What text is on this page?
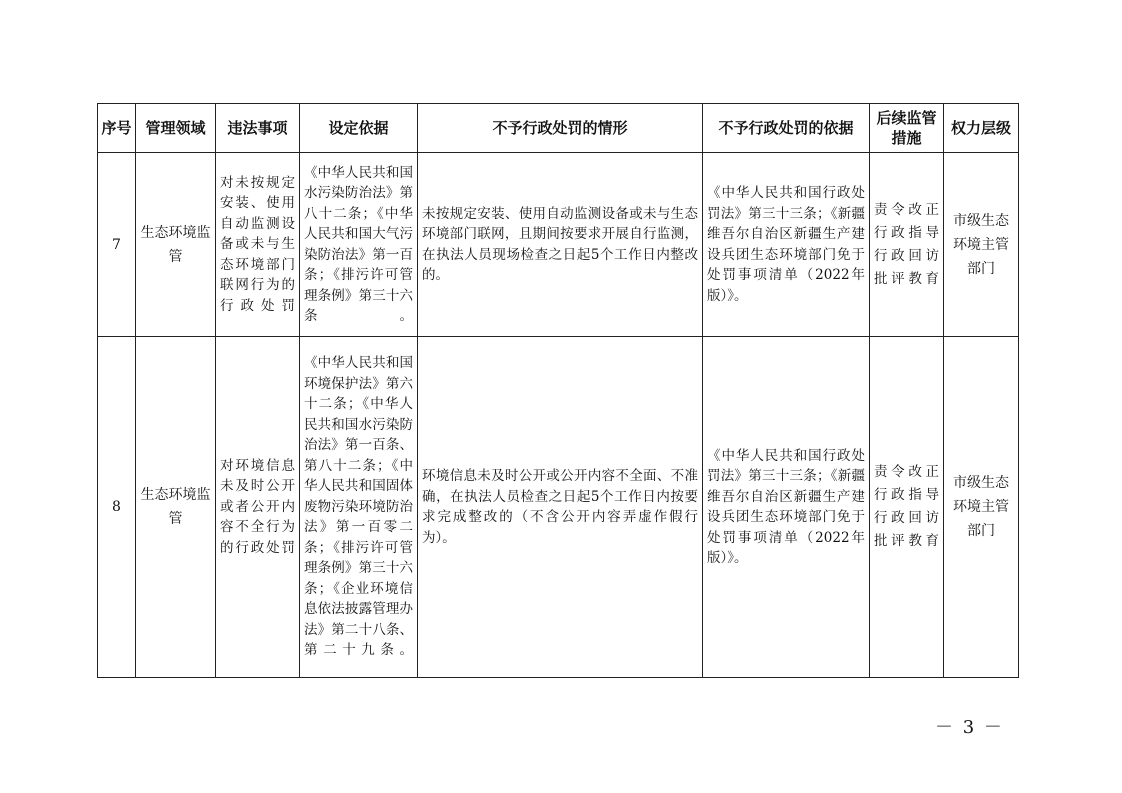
序号	管理领域	违法事项	设定依据	不予行政处罚的情形	不予行政处罚的依据	后续监管措施	权力层级
7	生态环境监管	对未按规定安装、使用自动监测设备或未与生态环境部门联网行为的行政处罚	《中华人民共和国水污染防治法》第八十二条；《中华人民共和国大气污染防治法》第一百条；《排污许可管理条例》第三十六条。	未按规定安装、使用自动监测设备或未与生态环境部门联网，且期间按要求开展自行监测，在执法人员现场检查之日起5个工作日内整改的。	《中华人民共和国行政处罚法》第三十三条；《新疆维吾尔自治区新疆生产建设兵团生态环境部门免于处罚事项清单（2022年版）》。	责令改正行政指导行政回访批评教育	市级生态环境主管部门
8	生态环境监管	对环境信息未及时公开或者公开内容不全行为的行政处罚	《中华人民共和国环境保护法》第六十二条；《中华人民共和国水污染防治法》第一百条、第八十二条；《中华人民共和国固体废物污染环境防治法》第一百零二条；《排污许可管理条例》第三十六条；《企业环境信息依法披露管理办法》第二十八条、第二十九条。	环境信息未及时公开或公开内容不全面、不准确，在执法人员检查之日起5个工作日内按要求完成整改的（不含公开内容弄虚作假行为）。	《中华人民共和国行政处罚法》第三十三条；《新疆维吾尔自治区新疆生产建设兵团生态环境部门免于处罚事项清单（2022年版）》。	责令改正行政指导行政回访批评教育	市级生态环境主管部门
－ 3 －
